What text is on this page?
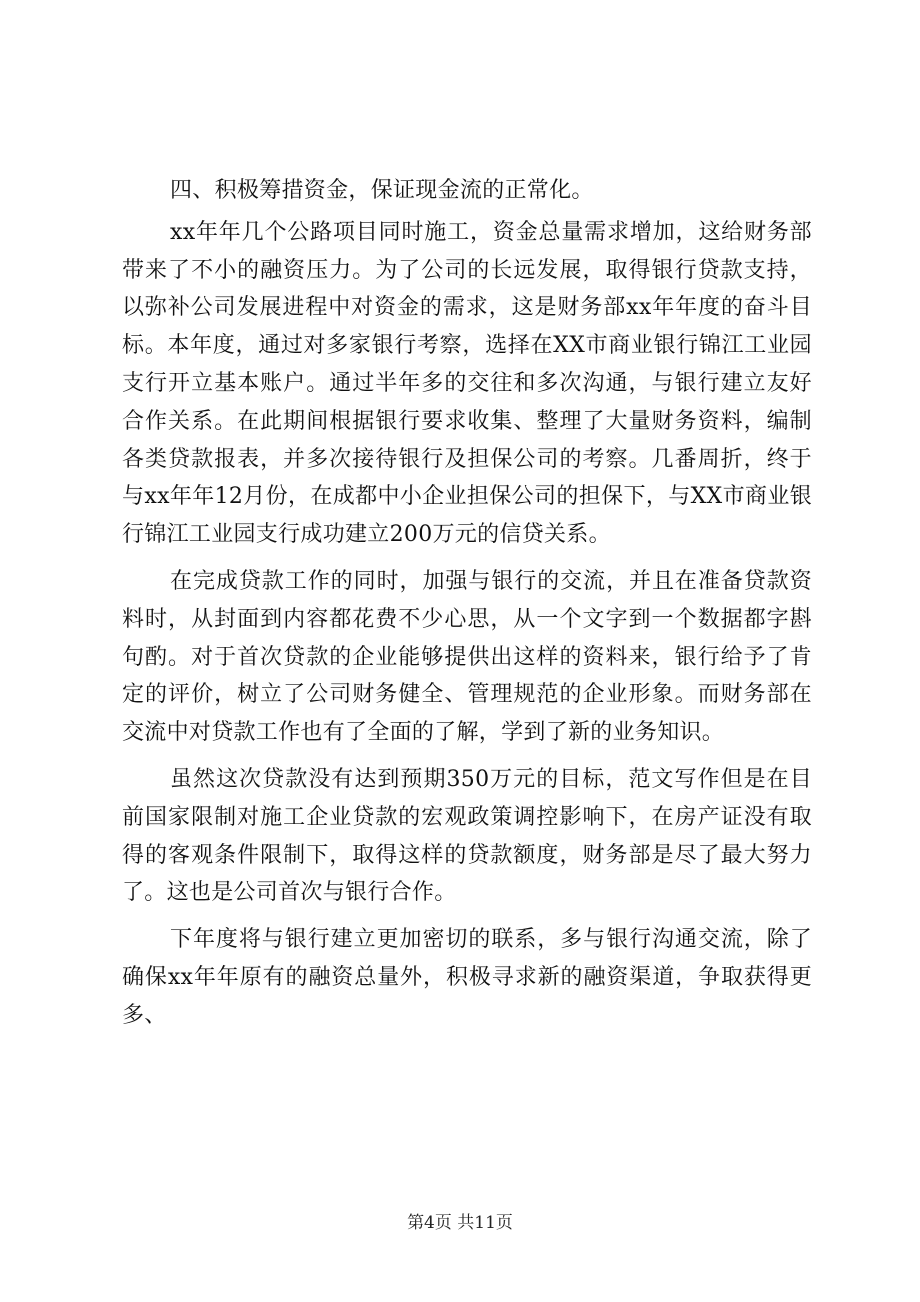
四、积极筹措资金，保证现金流的正常化。

xx年年几个公路项目同时施工，资金总量需求增加，这给财务部带来了不小的融资压力。为了公司的长远发展，取得银行贷款支持，以弥补公司发展进程中对资金的需求，这是财务部xx年年度的奋斗目标。本年度，通过对多家银行考察，选择在XX市商业银行锦江工业园支行开立基本账户。通过半年多的交往和多次沟通，与银行建立友好合作关系。在此期间根据银行要求收集、整理了大量财务资料，编制各类贷款报表，并多次接待银行及担保公司的考察。几番周折，终于与xx年年12月份，在成都中小企业担保公司的担保下，与XX市商业银行锦江工业园支行成功建立200万元的信贷关系。

在完成贷款工作的同时，加强与银行的交流，并且在准备贷款资料时，从封面到内容都花费不少心思，从一个文字到一个数据都字斟句酌。对于首次贷款的企业能够提供出这样的资料来，银行给予了肯定的评价，树立了公司财务健全、管理规范的企业形象。而财务部在交流中对贷款工作也有了全面的了解，学到了新的业务知识。

虽然这次贷款没有达到预期350万元的目标，范文写作但是在目前国家限制对施工企业贷款的宏观政策调控影响下，在房产证没有取得的客观条件限制下，取得这样的贷款额度，财务部是尽了最大努力了。这也是公司首次与银行合作。

下年度将与银行建立更加密切的联系，多与银行沟通交流，除了确保xx年年原有的融资总量外，积极寻求新的融资渠道，争取获得更多、

第4页 共11页
